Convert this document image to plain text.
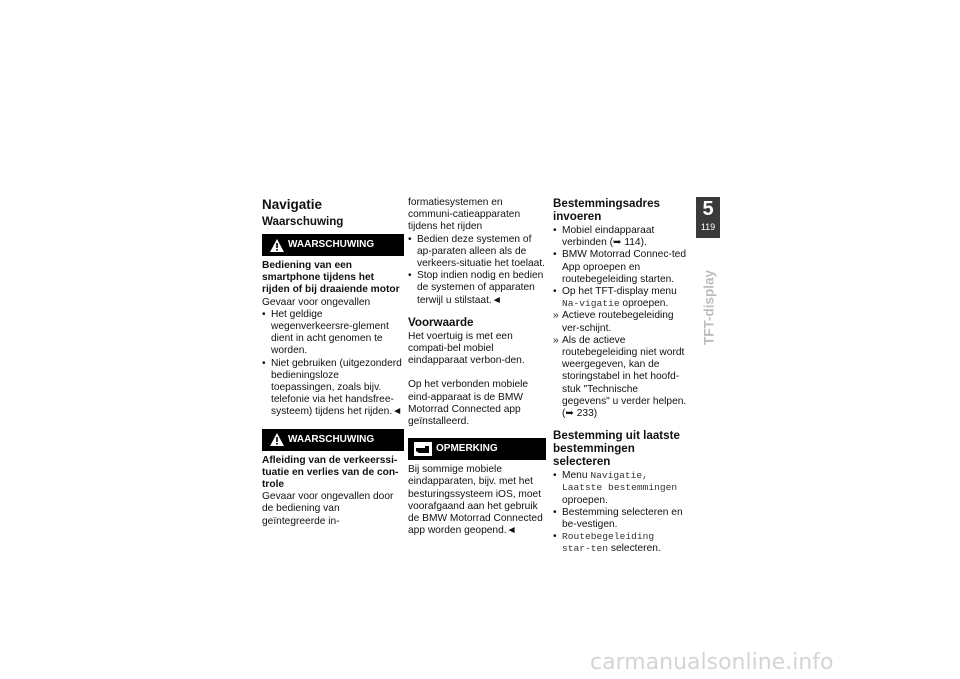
Navigatie
Waarschuwing
WAARSCHUWING

Bediening van een smartphone tijdens het rijden of bij draaiende motor

Gevaar voor ongevallen

• Het geldige wegenverkeersre-glement dient in acht genomen te worden.
• Niet gebruiken (uitgezonderd bedieningsloze toepassingen, zoals bijv. telefonie via het handsfree-systeem) tijdens het rijden.◄
WAARSCHUWING

Afleiding van de verkeerssi-tuatie en verlies van de con-trole

Gevaar voor ongevallen door de bediening van geïntegreerde in-

formatiesystemen en communi-catieapparaten tijdens het rijden

• Bedien deze systemen of ap-paraten alleen als de verkeers-situatie het toelaat.
• Stop indien nodig en bedien de systemen of apparaten terwijl u stilstaat.◄
Voorwaarde

Het voertuig is met een compati-bel mobiel eindapparaat verbon-den.

Op het verbonden mobiele eind-apparaat is de BMW Motorrad Connected app geïnstalleerd.

OPMERKING

Bij sommige mobiele eindapparaten, bijv. met het besturingssysteem iOS, moet voorafgaand aan het gebruik de BMW Motorrad Connected app worden geopend.◄

Bestemmingsadres invoeren
• Mobiel eindapparaat verbinden (➥ 114).
• BMW Motorrad Connec-ted App oproepen en routebegeleiding starten.
• Op het TFT-display menu Na-vigatie oproepen.
» Actieve routebegeleiding ver-schijnt.
» Als de actieve routebegeleiding niet wordt weergegeven, kan de storingstabel in het hoofd-stuk "Technische gegevens" u verder helpen. (➥ 233)
Bestemming uit laatste bestemmingen selecteren
• Menu Navigatie, Laatste bestemmingen oproepen.
• Bestemming selecteren en be-vestigen.
• Routebegeleiding star-ten selecteren.
5
119
TFT-display
carmanualsonline.info
